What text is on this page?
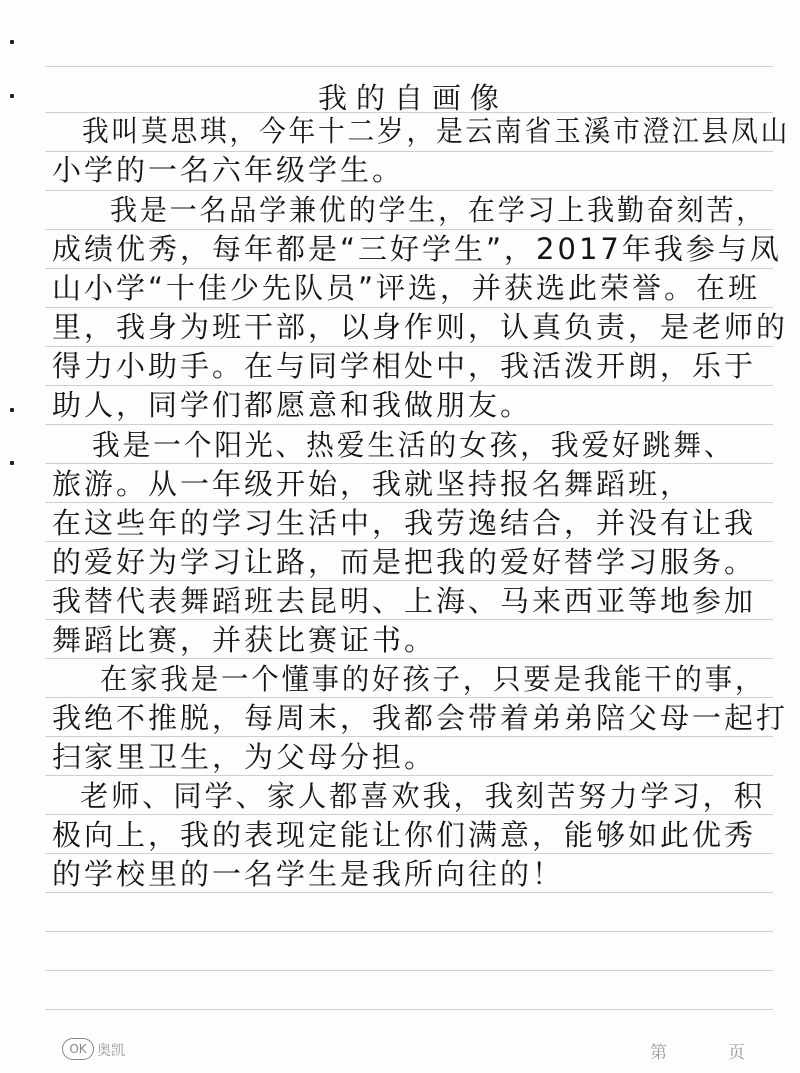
我的自画像
我叫莫思琪，今年十二岁，是云南省玉溪市澄江县凤山
小学的一名六年级学生。
我是一名品学兼优的学生，在学习上我勤奋刻苦，
成绩优秀，每年都是“三好学生”，2017年我参与凤
山小学“十佳少先队员”评选，并获选此荣誉。在班
里，我身为班干部，以身作则，认真负责，是老师的
得力小助手。在与同学相处中，我活泼开朗，乐于
助人，同学们都愿意和我做朋友。
我是一个阳光、热爱生活的女孩，我爱好跳舞、
旅游。从一年级开始，我就坚持报名舞蹈班，
在这些年的学习生活中，我劳逸结合，并没有让我
的爱好为学习让路，而是把我的爱好替学习服务。
我替代表舞蹈班去昆明、上海、马来西亚等地参加
舞蹈比赛，并获比赛证书。
在家我是一个懂事的好孩子，只要是我能干的事，
我绝不推脱，每周末，我都会带着弟弟陪父母一起打
扫家里卫生，为父母分担。
老师、同学、家人都喜欢我，我刻苦努力学习，积
极向上，我的表现定能让你们满意，能够如此优秀
的学校里的一名学生是我所向往的！
OK 奥凯	第	页
